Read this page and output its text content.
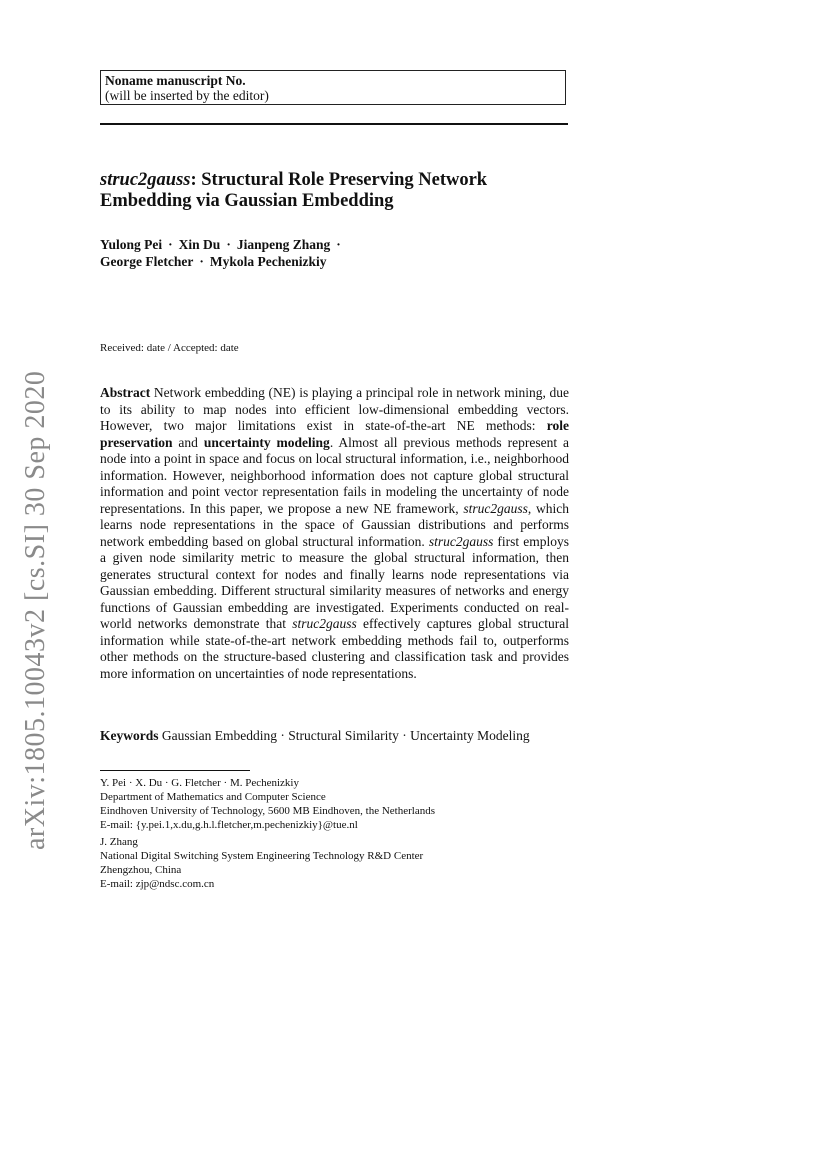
arXiv:1805.10043v2 [cs.SI] 30 Sep 2020
Noname manuscript No.
(will be inserted by the editor)
struc2gauss: Structural Role Preserving Network
Embedding via Gaussian Embedding
Yulong Pei · Xin Du · Jianpeng Zhang ·
George Fletcher · Mykola Pechenizkiy
Received: date / Accepted: date
Abstract Network embedding (NE) is playing a principal role in network mining, due to its ability to map nodes into efficient low-dimensional embedding vectors. However, two major limitations exist in state-of-the-art NE methods: role preservation and uncertainty modeling. Almost all previous methods represent a node into a point in space and focus on local structural information, i.e., neighborhood information. However, neighborhood information does not capture global structural information and point vector representation fails in modeling the uncertainty of node representations. In this paper, we propose a new NE framework, struc2gauss, which learns node representations in the space of Gaussian distributions and performs network embedding based on global structural information. struc2gauss first employs a given node similarity metric to measure the global structural information, then generates structural context for nodes and finally learns node representations via Gaussian embedding. Different structural similarity measures of networks and energy functions of Gaussian embedding are investigated. Experiments conducted on real-world networks demonstrate that struc2gauss effectively captures global structural information while state-of-the-art network embedding methods fail to, outperforms other methods on the structure-based clustering and classification task and provides more information on uncertainties of node representations.
Keywords Gaussian Embedding · Structural Similarity · Uncertainty Modeling
Y. Pei · X. Du · G. Fletcher · M. Pechenizkiy
Department of Mathematics and Computer Science
Eindhoven University of Technology, 5600 MB Eindhoven, the Netherlands
E-mail: {y.pei.1,x.du,g.h.l.fletcher,m.pechenizkiy}@tue.nl
J. Zhang
National Digital Switching System Engineering Technology R&D Center
Zhengzhou, China
E-mail: zjp@ndsc.com.cn
